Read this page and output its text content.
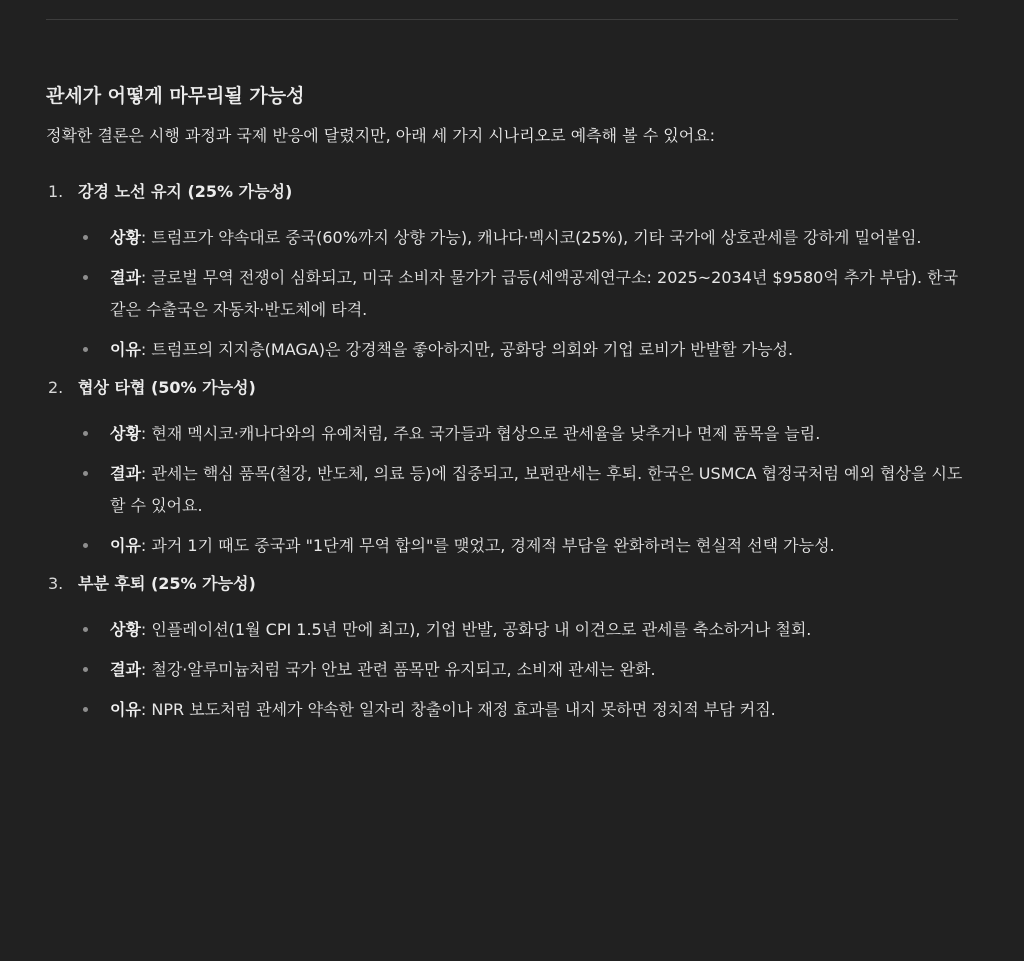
관세가 어떻게 마무리될 가능성

정확한 결론은 시행 과정과 국제 반응에 달렸지만, 아래 세 가지 시나리오로 예측해 볼 수 있어요:

1. 강경 노선 유지 (25% 가능성)
상황: 트럼프가 약속대로 중국(60%까지 상향 가능), 캐나다·멕시코(25%), 기타 국가에 상호관세를 강하게 밀어붙임.
결과: 글로벌 무역 전쟁이 심화되고, 미국 소비자 물가가 급등(세액공제연구소: 2025~2034년 $9580억 추가 부담). 한국 같은 수출국은 자동차·반도체에 타격.
이유: 트럼프의 지지층(MAGA)은 강경책을 좋아하지만, 공화당 의회와 기업 로비가 반발할 가능성.
2. 협상 타협 (50% 가능성)
상황: 현재 멕시코·캐나다와의 유예처럼, 주요 국가들과 협상으로 관세율을 낮추거나 면제 품목을 늘림.
결과: 관세는 핵심 품목(철강, 반도체, 의료 등)에 집중되고, 보편관세는 후퇴. 한국은 USMCA 협정국처럼 예외 협상을 시도할 수 있어요.
이유: 과거 1기 때도 중국과 "1단계 무역 합의"를 맺었고, 경제적 부담을 완화하려는 현실적 선택 가능성.
3. 부분 후퇴 (25% 가능성)
상황: 인플레이션(1월 CPI 1.5년 만에 최고), 기업 반발, 공화당 내 이견으로 관세를 축소하거나 철회.
결과: 철강·알루미늄처럼 국가 안보 관련 품목만 유지되고, 소비재 관세는 완화.
이유: NPR 보도처럼 관세가 약속한 일자리 창출이나 재정 효과를 내지 못하면 정치적 부담 커짐.
